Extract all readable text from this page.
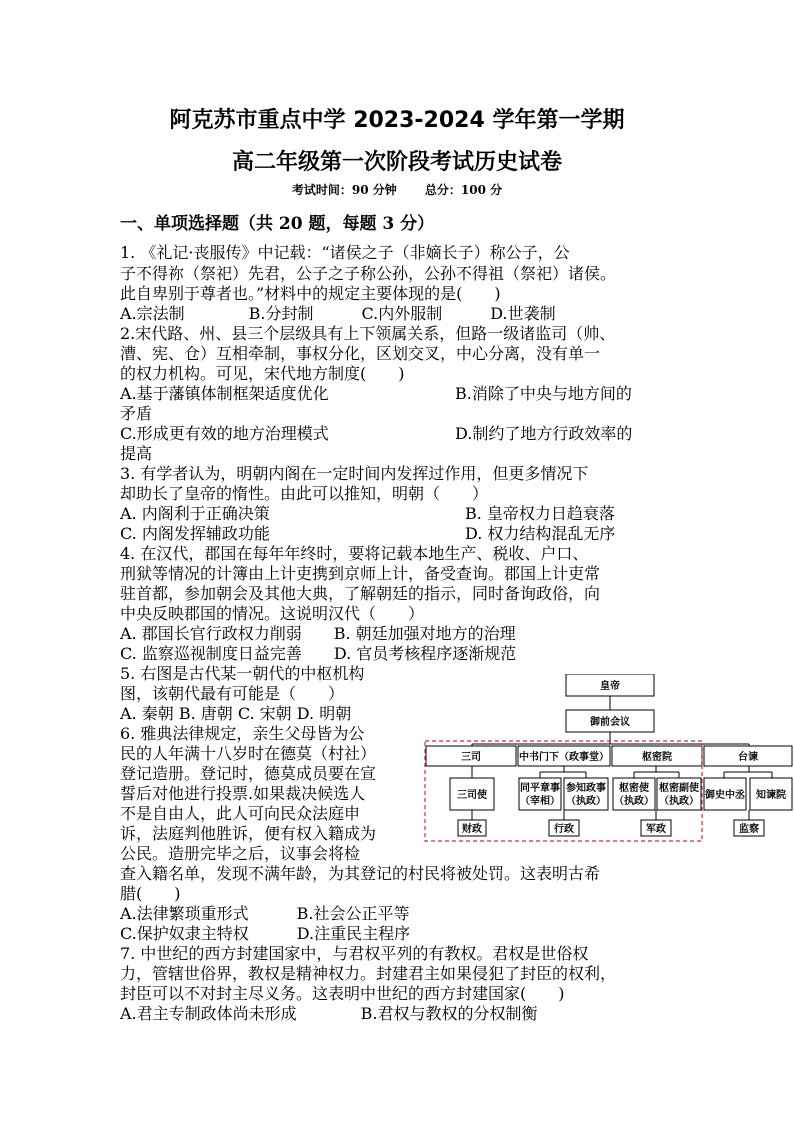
阿克苏市重点中学 2023-2024 学年第一学期
高二年级第一次阶段考试历史试卷
考试时间：90 分钟 总分：100 分
一、单项选择题（共 20 题，每题 3 分）
1. 《礼记·丧服传》中记载：“诸侯之子（非嫡长子）称公子，公
子不得祢（祭祀）先君，公子之子称公孙，公孙不得祖（祭祀）诸侯。
此自卑别于尊者也。”材料中的规定主要体现的是(　　)
A.宗法制　　　　B.分封制　　　C.内外服制　　　D.世袭制
2.宋代路、州、县三个层级具有上下领属关系，但路一级诸监司（帅、
漕、宪、仓）互相牵制，事权分化，区划交叉，中心分离，没有单一
的权力机构。可见，宋代地方制度(　　)
A.基于藩镇体制框架适度优化	B.消除了中央与地方间的
矛盾
C.形成更有效的地方治理模式	D.制约了地方行政效率的
提高
3. 有学者认为，明朝内阁在一定时间内发挥过作用，但更多情况下
却助长了皇帝的惰性。由此可以推知，明朝（　　）
A. 内阁利于正确决策	B. 皇帝权力日趋衰落
C. 内阁发挥辅政功能	D. 权力结构混乱无序
4. 在汉代，郡国在每年年终时，要将记载本地生产、税收、户口、
刑狱等情况的计簿由上计吏携到京师上计，备受查询。郡国上计吏常
驻首都，参加朝会及其他大典，了解朝廷的指示，同时备询政俗，向
中央反映郡国的情况。这说明汉代（　　）
A. 郡国长官行政权力削弱　　B. 朝廷加强对地方的治理
C. 监察巡视制度日益完善　　D. 官员考核程序逐渐规范
5. 右图是古代某一朝代的中枢机构
图，该朝代最有可能是（　　）
A. 秦朝 B. 唐朝 C. 宋朝 D. 明朝
6. 雅典法律规定，亲生父母皆为公
民的人年满十八岁时在德莫（村社）
登记造册。登记时，德莫成员要在宣
誓后对他进行投票.如果裁决候选人
不是自由人，此人可向民众法庭申
诉，法庭判他胜诉，便有权入籍成为
公民。造册完毕之后，议事会将检
查入籍名单，发现不满年龄，为其登记的村民将被处罚。这表明古希
腊(　　)
A.法律繁琐重形式　　　B.社会公正平等
C.保护奴隶主特权　　　D.注重民主程序
7. 中世纪的西方封建国家中，与君权平列的有教权。君权是世俗权
力，管辖世俗界，教权是精神权力。封建君主如果侵犯了封臣的权利，
封臣可以不对封主尽义务。这表明中世纪的西方封建国家(　　)
A.君主专制政体尚未形成　　　　B.君权与教权的分权制衡
皇帝
御前会议
三司	中书门下（政事堂）	枢密院	台谏
三司使
同平章事
（宰相）
参知政事
（执政）
枢密使
（执政）
枢密副使
（执政）
御史中丞 知谏院
财政	行政	军政	监察
